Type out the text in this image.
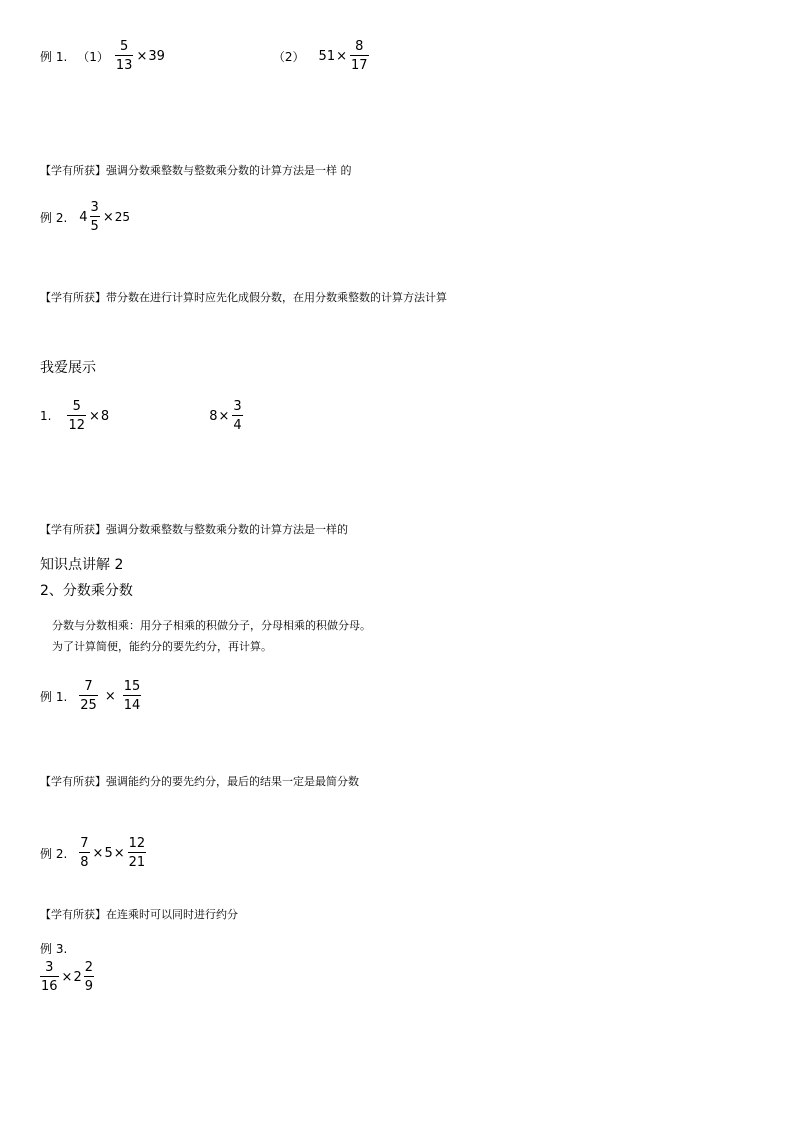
例 1. $(1) \frac{5}{13} \times 39$	（2） $51 \times \frac{8}{17}$
【学有所获】强调分数乘整数与整数乘分数的计算方法是一样 的
例 2. $4 \frac{3}{5} \times 25$
【学有所获】带分数在进行计算时应先化成假分数，在用分数乘整数的计算方法计算
我爱展示
1. $\frac{5}{12} \times 8$	$8 \times \frac{3}{4}$
【学有所获】强调分数乘整数与整数乘分数的计算方法是一样的
知识点讲解 2
2、分数乘分数
分数与分数相乘：用分子相乘的积做分子，分母相乘的积做分母。
为了计算简便，能约分的要先约分，再计算。
例 1. $\frac{7}{25} \times \frac{15}{14}$
【学有所获】强调能约分的要先约分，最后的结果一定是最简分数
例 2. $\frac{7}{8} \times 5 \times \frac{12}{21}$
【学有所获】在连乘时可以同时进行约分
例 3.
$\frac{3}{16} \times 2 \frac{2}{9}$
